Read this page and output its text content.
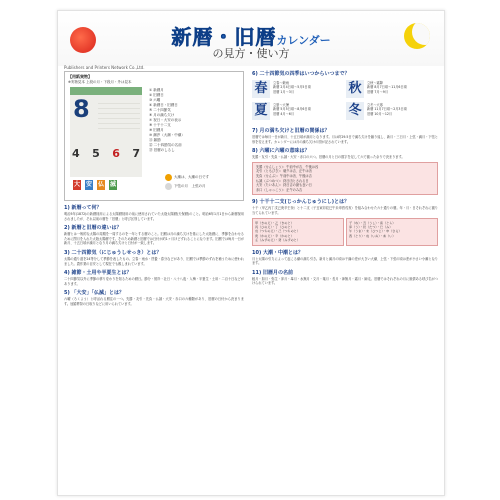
新暦・旧暦カレンダー
の見方・使い方
Publishers and Printers Network Co.,Ltd.
【用紙実物】
※実物見本 上段の月・下段月・外は見本
8
4 5 6 7
① 新暦月
② 旧暦日
③ 六曜
④ 新暦日・旧暦日
⑤ 二十四節気
⑥ 月の満ち欠け
⑦ 祝日・大安の表示
⑧ 十干十二支
⑨ 旧暦月
⑩ 潮汐（大潮・中潮）
⑪ 雑節
⑫ 二十四節気の名前
⑬ 旧暦のしるし
大 安 仏 滅
大潮は、大潮の日です
下弦の月　上弦の月
1) 新暦って何？
明治5年(1872)の新暦採用による太陽暦採用の前に使用されていた太陰太陽暦(天保暦)のこと。明治6年1月1日から新暦採用されましたが、それ以前の暦を「旧暦」と呼び区別しています。
2) 新暦と旧暦の違いは？
新暦とは一般的な太陽の周期を一周するのを一年とする暦のこと。旧暦は月の満ち欠けを基にした太陰暦に、季節を合わせるために閏月を入れた太陰太陽暦です。そのため新暦と旧暦では日付が約1ヶ月ほどずれることになります。旧暦では毎月一日が新月、十五日頃が満月となり月の満ち欠けと日付が一致します。
3) 二十四節気（にじゅうしせっき）とは？
太陽の通り道を24等分して季節を表したもの。立春・雨水・啓蟄・春分などがあり、旧暦では季節のずれを補うために使われました。農作業の目安として現在でも親しまれています。
4) 雑節・土用や半夏生とは？
二十四節気以外に季節の移り変わりを知るための暦日。節分・彼岸・社日・八十八夜・入梅・半夏生・土用・二百十日などがあります。
5) 「大安」「仏滅」とは？
六曜（ろくよう）と呼ばれる暦注の一つ。先勝・友引・先負・仏滅・大安・赤口の六種類があり、旧暦の日付から決まります。冠婚葬祭の日取りなどに用いられています。
6) 二十四節気の四季はいつからいつまで？
春	立春～穀雨
新暦 2月4日頃～5月5日頃
旧暦 1月～3月	秋	立秋～霜降
新暦 8月7日頃～11月6日頃
旧暦 7月～9月
夏	立夏～大暑
新暦 5月5日頃～8月6日頃
旧暦 4月～6月	冬	立冬～大寒
新暦 11月7日頃～2月3日頃
旧暦 10月～12月
7) 月の満ち欠けと旧暦の関係は？
旧暦では毎月一日が新月、十五日頃が満月となります。月は約29.5日で満ち欠けを繰り返し、新月・三日月・上弦・満月・下弦と形を変えます。カレンダーには月の満ち欠けの図が記されています。
8) 六曜に六曜の意味は？
先勝・友引・先負・仏滅・大安・赤口の六つ。旧暦の月と日の数字を足して六で割った余りで決まります。
先勝（せんしょう）：午前中が吉、午後は凶
友引（ともびき）：朝夕は吉、正午は凶
先負（せんぶ）：午前中は凶、午後は吉
仏滅（ぶつめつ）：終日凶とされる日
大安（たいあん）：終日吉の最も良い日
赤口（しゃっこう）：正午のみ吉
9) 十干十二支(じっかんじゅうにし)とは？
十干（甲乙丙丁戊己庚辛壬癸）と十二支（子丑寅卯辰巳午未申酉戌亥）を組み合わせた六十通りの暦。年・月・日それぞれに割り当てられています。
甲（きのえ）・乙（きのと）
丙（ひのえ）・丁（ひのと）
戊（つちのえ）・己（つちのと）
庚（かのえ）・辛（かのと）
壬（みずのえ）・癸（みずのと）
子（ね）・丑（うし）・寅（とら）
卯（う）・辰（たつ）・巳（み）
午（うま）・未（ひつじ）・申（さる）
酉（とり）・戌（いぬ）・亥（い）
10) 大潮・中潮とは？
月と太陽の引力によって起こる潮の満ち引き。新月と満月の頃は干満の差が大きい大潮、上弦・下弦の頃は差が小さい小潮となります。
11) 旧暦月の名前
睦月・如月・弥生・卯月・皐月・水無月・文月・葉月・長月・神無月・霜月・師走。旧暦ではそれぞれの月に風情ある呼び名がつけられています。
